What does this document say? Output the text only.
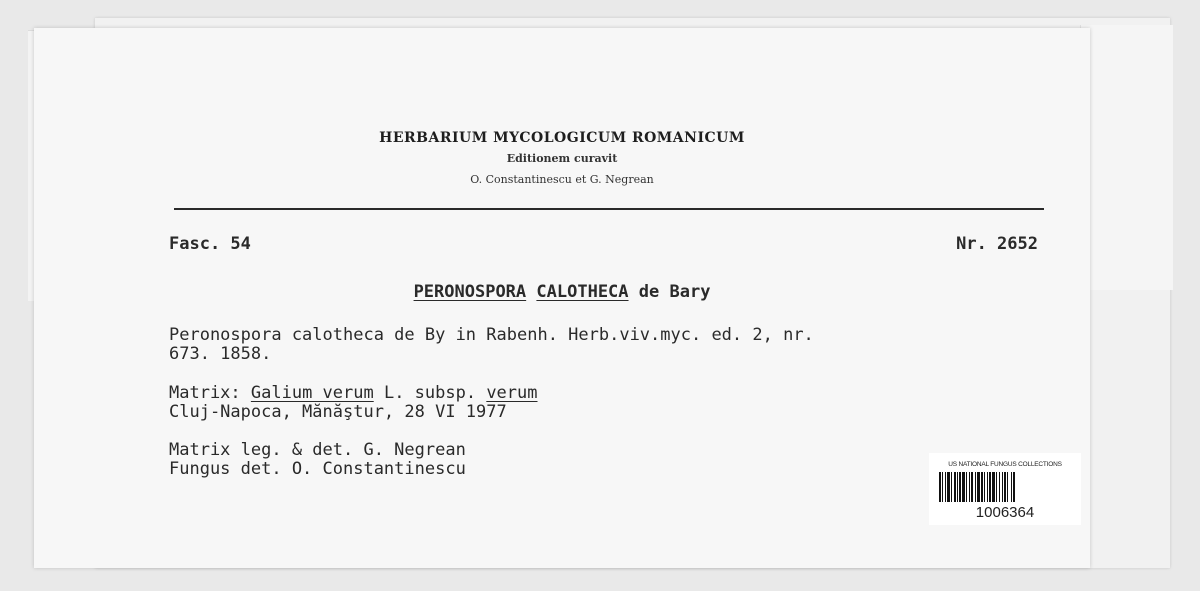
HERBARIUM MYCOLOGICUM ROMANICUM
Editionem curavit
O. Constantinescu et G. Negrean
Fasc. 54	Nr. 2652
PERONOSPORA CALOTHECA de Bary
Peronospora calotheca de By in Rabenh. Herb.viv.myc. ed. 2, nr.
673. 1858.
Matrix: Galium verum L. subsp. verum
Cluj-Napoca, Mănăştur, 28 VI 1977
Matrix leg. & det. G. Negrean
Fungus det. O. Constantinescu	US NATIONAL FUNGUS COLLECTIONS
1006364
